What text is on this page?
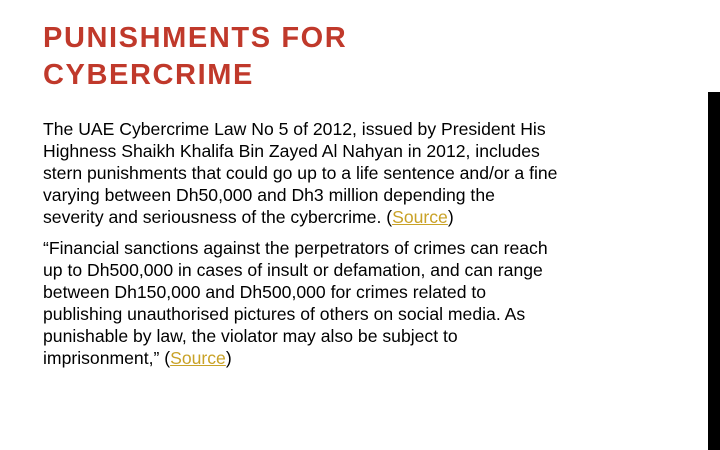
PUNISHMENTS FOR
CYBERCRIME

The UAE Cybercrime Law No 5 of 2012, issued by President His
Highness Shaikh Khalifa Bin Zayed Al Nahyan in 2012, includes
stern punishments that could go up to a life sentence and/or a fine
varying between Dh50,000 and Dh3 million depending the
severity and seriousness of the cybercrime. (Source)

“Financial sanctions against the perpetrators of crimes can reach
up to Dh500,000 in cases of insult or defamation, and can range
between Dh150,000 and Dh500,000 for crimes related to
publishing unauthorised pictures of others on social media. As
punishable by law, the violator may also be subject to
imprisonment,” (Source)
